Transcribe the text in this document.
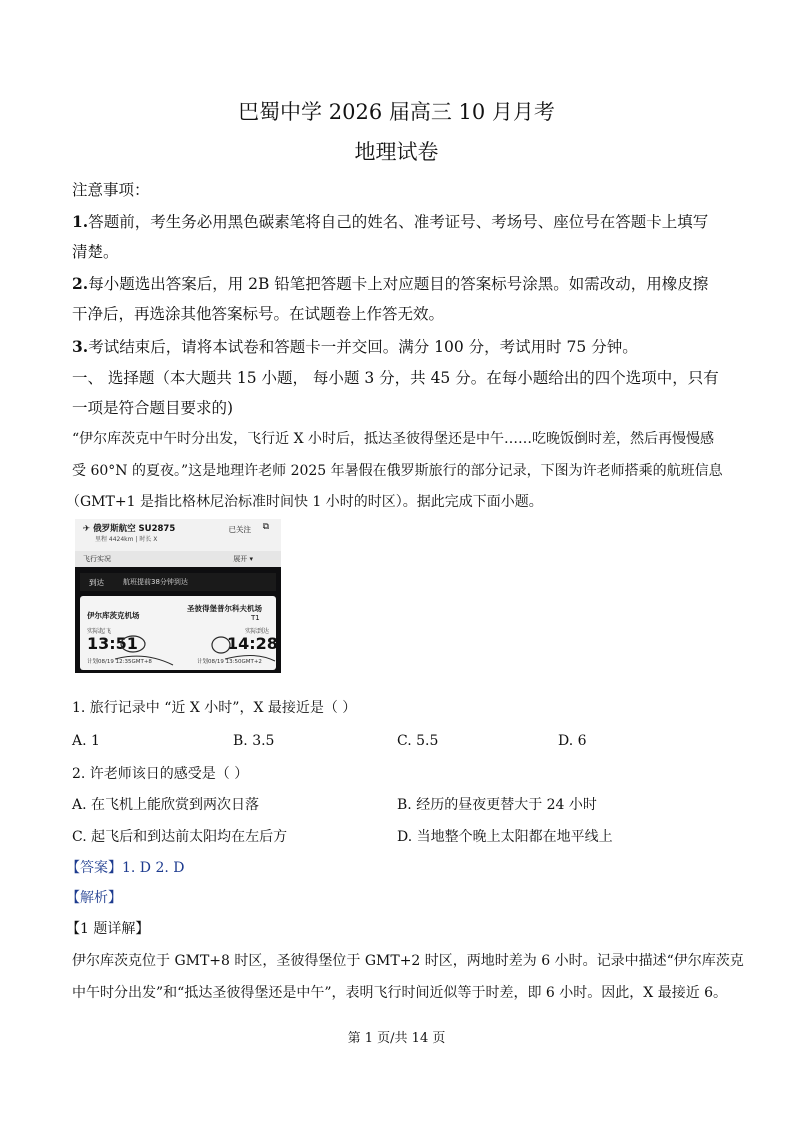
巴蜀中学 2026 届高三 10 月月考
地理试卷
注意事项：
1.答题前，考生务必用黑色碳素笔将自己的姓名、准考证号、考场号、座位号在答题卡上填写
清楚。
2.每小题选出答案后，用 2B 铅笔把答题卡上对应题目的答案标号涂黑。如需改动，用橡皮擦
干净后，再选涂其他答案标号。在试题卷上作答无效。
3.考试结束后，请将本试卷和答题卡一并交回。满分 100 分，考试用时 75 分钟。
一、 选择题（本大题共 15 小题， 每小题 3 分，共 45 分。在每小题给出的四个选项中，只有
一项是符合题目要求的)
“伊尔库茨克中午时分出发，飞行近 X 小时后，抵达圣彼得堡还是中午……吃晚饭倒时差，然后再慢慢感
受 60°N 的夏夜。”这是地理许老师 2025 年暑假在俄罗斯旅行的部分记录，下图为许老师搭乘的航班信息
（GMT+1 是指比格林尼治标准时间快 1 小时的时区）。据此完成下面小题。
✈ 俄罗斯航空 SU2875
里程 4424km | 时长 X
已关注 ⧉
飞行实况	展开 ▾
到达	航班提前38分钟到达
伊尔库茨克机场
圣彼得堡普尔科夫机场
T1
实际起飞	实际到达
13:51	14:28
计划08/19 12:35GMT+8	计划08/19 13:50GMT+2
1. 旅行记录中 “近 X 小时”，X 最接近是（ ）
A. 1	B. 3.5	C. 5.5	D. 6
2. 许老师该日的感受是（ ）
A. 在飞机上能欣赏到两次日落	B. 经历的昼夜更替大于 24 小时
C. 起飞后和到达前太阳均在左后方	D. 当地整个晚上太阳都在地平线上
【答案】1. D 2. D
【解析】
【1 题详解】
伊尔库茨克位于 GMT+8 时区，圣彼得堡位于 GMT+2 时区，两地时差为 6 小时。记录中描述“伊尔库茨克
中午时分出发”和“抵达圣彼得堡还是中午”，表明飞行时间近似等于时差，即 6 小时。因此，X 最接近 6。
第 1 页/共 14 页
